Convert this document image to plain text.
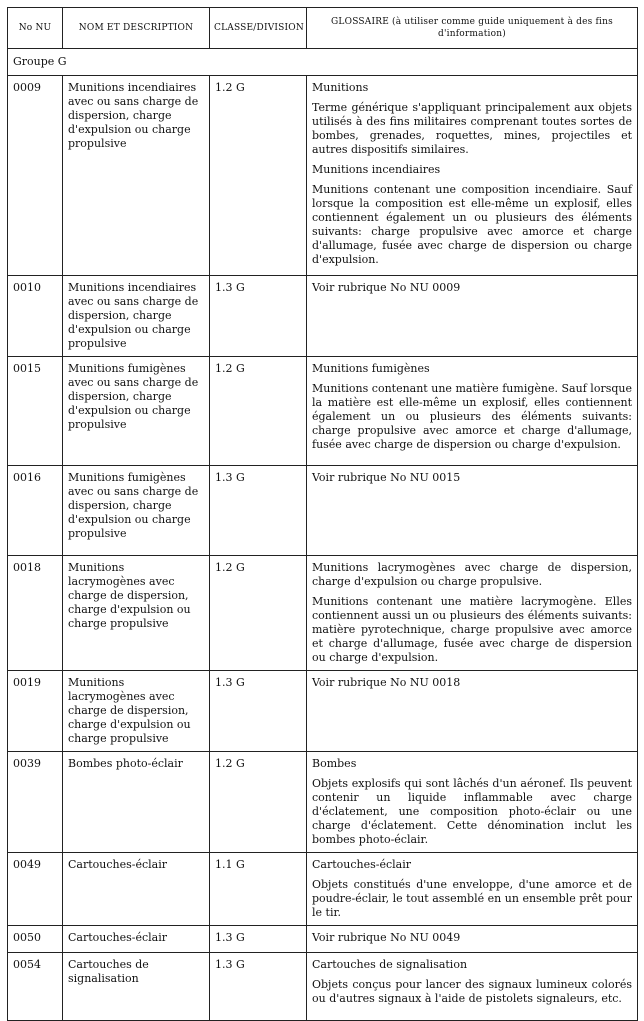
No NU	NOM ET DESCRIPTION	CLASSE/DIVISION	GLOSSAIRE (à utiliser comme guide uniquement à des fins d'information)
Groupe G			
0009	Munitions incendiaires avec ou sans charge de dispersion, charge d'expulsion ou charge propulsive	1.2 G	Munitions

Terme générique s'appliquant principalement aux objets utilisés à des fins militaires comprenant toutes sortes de bombes, grenades, roquettes, mines, projectiles et autres dispositifs similaires.

Munitions incendiaires

Munitions contenant une composition incendiaire. Sauf lorsque la composition est elle-même un explosif, elles contiennent également un ou plusieurs des éléments suivants: charge propulsive avec amorce et charge d'allumage, fusée avec charge de dispersion ou charge d'expulsion.

0010	Munitions incendiaires avec ou sans charge de dispersion, charge d'expulsion ou charge propulsive	1.3 G	Voir rubrique No NU 0009

0015	Munitions fumigènes avec ou sans charge de dispersion, charge d'expulsion ou charge propulsive	1.2 G	Munitions fumigènes

Munitions contenant une matière fumigène. Sauf lorsque la matière est elle-même un explosif, elles contiennent également un ou plusieurs des éléments suivants: charge propulsive avec amorce et charge d'allumage, fusée avec charge de dispersion ou charge d'expulsion.

0016	Munitions fumigènes avec ou sans charge de dispersion, charge d'expulsion ou charge propulsive	1.3 G	Voir rubrique No NU 0015

0018	Munitions lacrymogènes avec charge de dispersion, charge d'expulsion ou charge propulsive	1.2 G	Munitions lacrymogènes avec charge de dispersion, charge d'expulsion ou charge propulsive.

Munitions contenant une matière lacrymogène. Elles contiennent aussi un ou plusieurs des éléments suivants: matière pyrotechnique, charge propulsive avec amorce et charge d'allumage, fusée avec charge de dispersion ou charge d'expulsion.

0019	Munitions lacrymogènes avec charge de dispersion, charge d'expulsion ou charge propulsive	1.3 G	Voir rubrique No NU 0018

0039	Bombes photo-éclair	1.2 G	Bombes

Objets explosifs qui sont lâchés d'un aéronef. Ils peuvent contenir un liquide inflammable avec charge d'éclatement, une composition photo-éclair ou une charge d'éclatement. Cette dénomination inclut les bombes photo-éclair.

0049	Cartouches-éclair	1.1 G	Cartouches-éclair

Objets constitués d'une enveloppe, d'une amorce et de poudre-éclair, le tout assemblé en un ensemble prêt pour le tir.

0050	Cartouches-éclair	1.3 G	Voir rubrique No NU 0049

0054	Cartouches de signalisation	1.3 G	Cartouches de signalisation

Objets conçus pour lancer des signaux lumineux colorés ou d'autres signaux à l'aide de pistolets signaleurs, etc.
